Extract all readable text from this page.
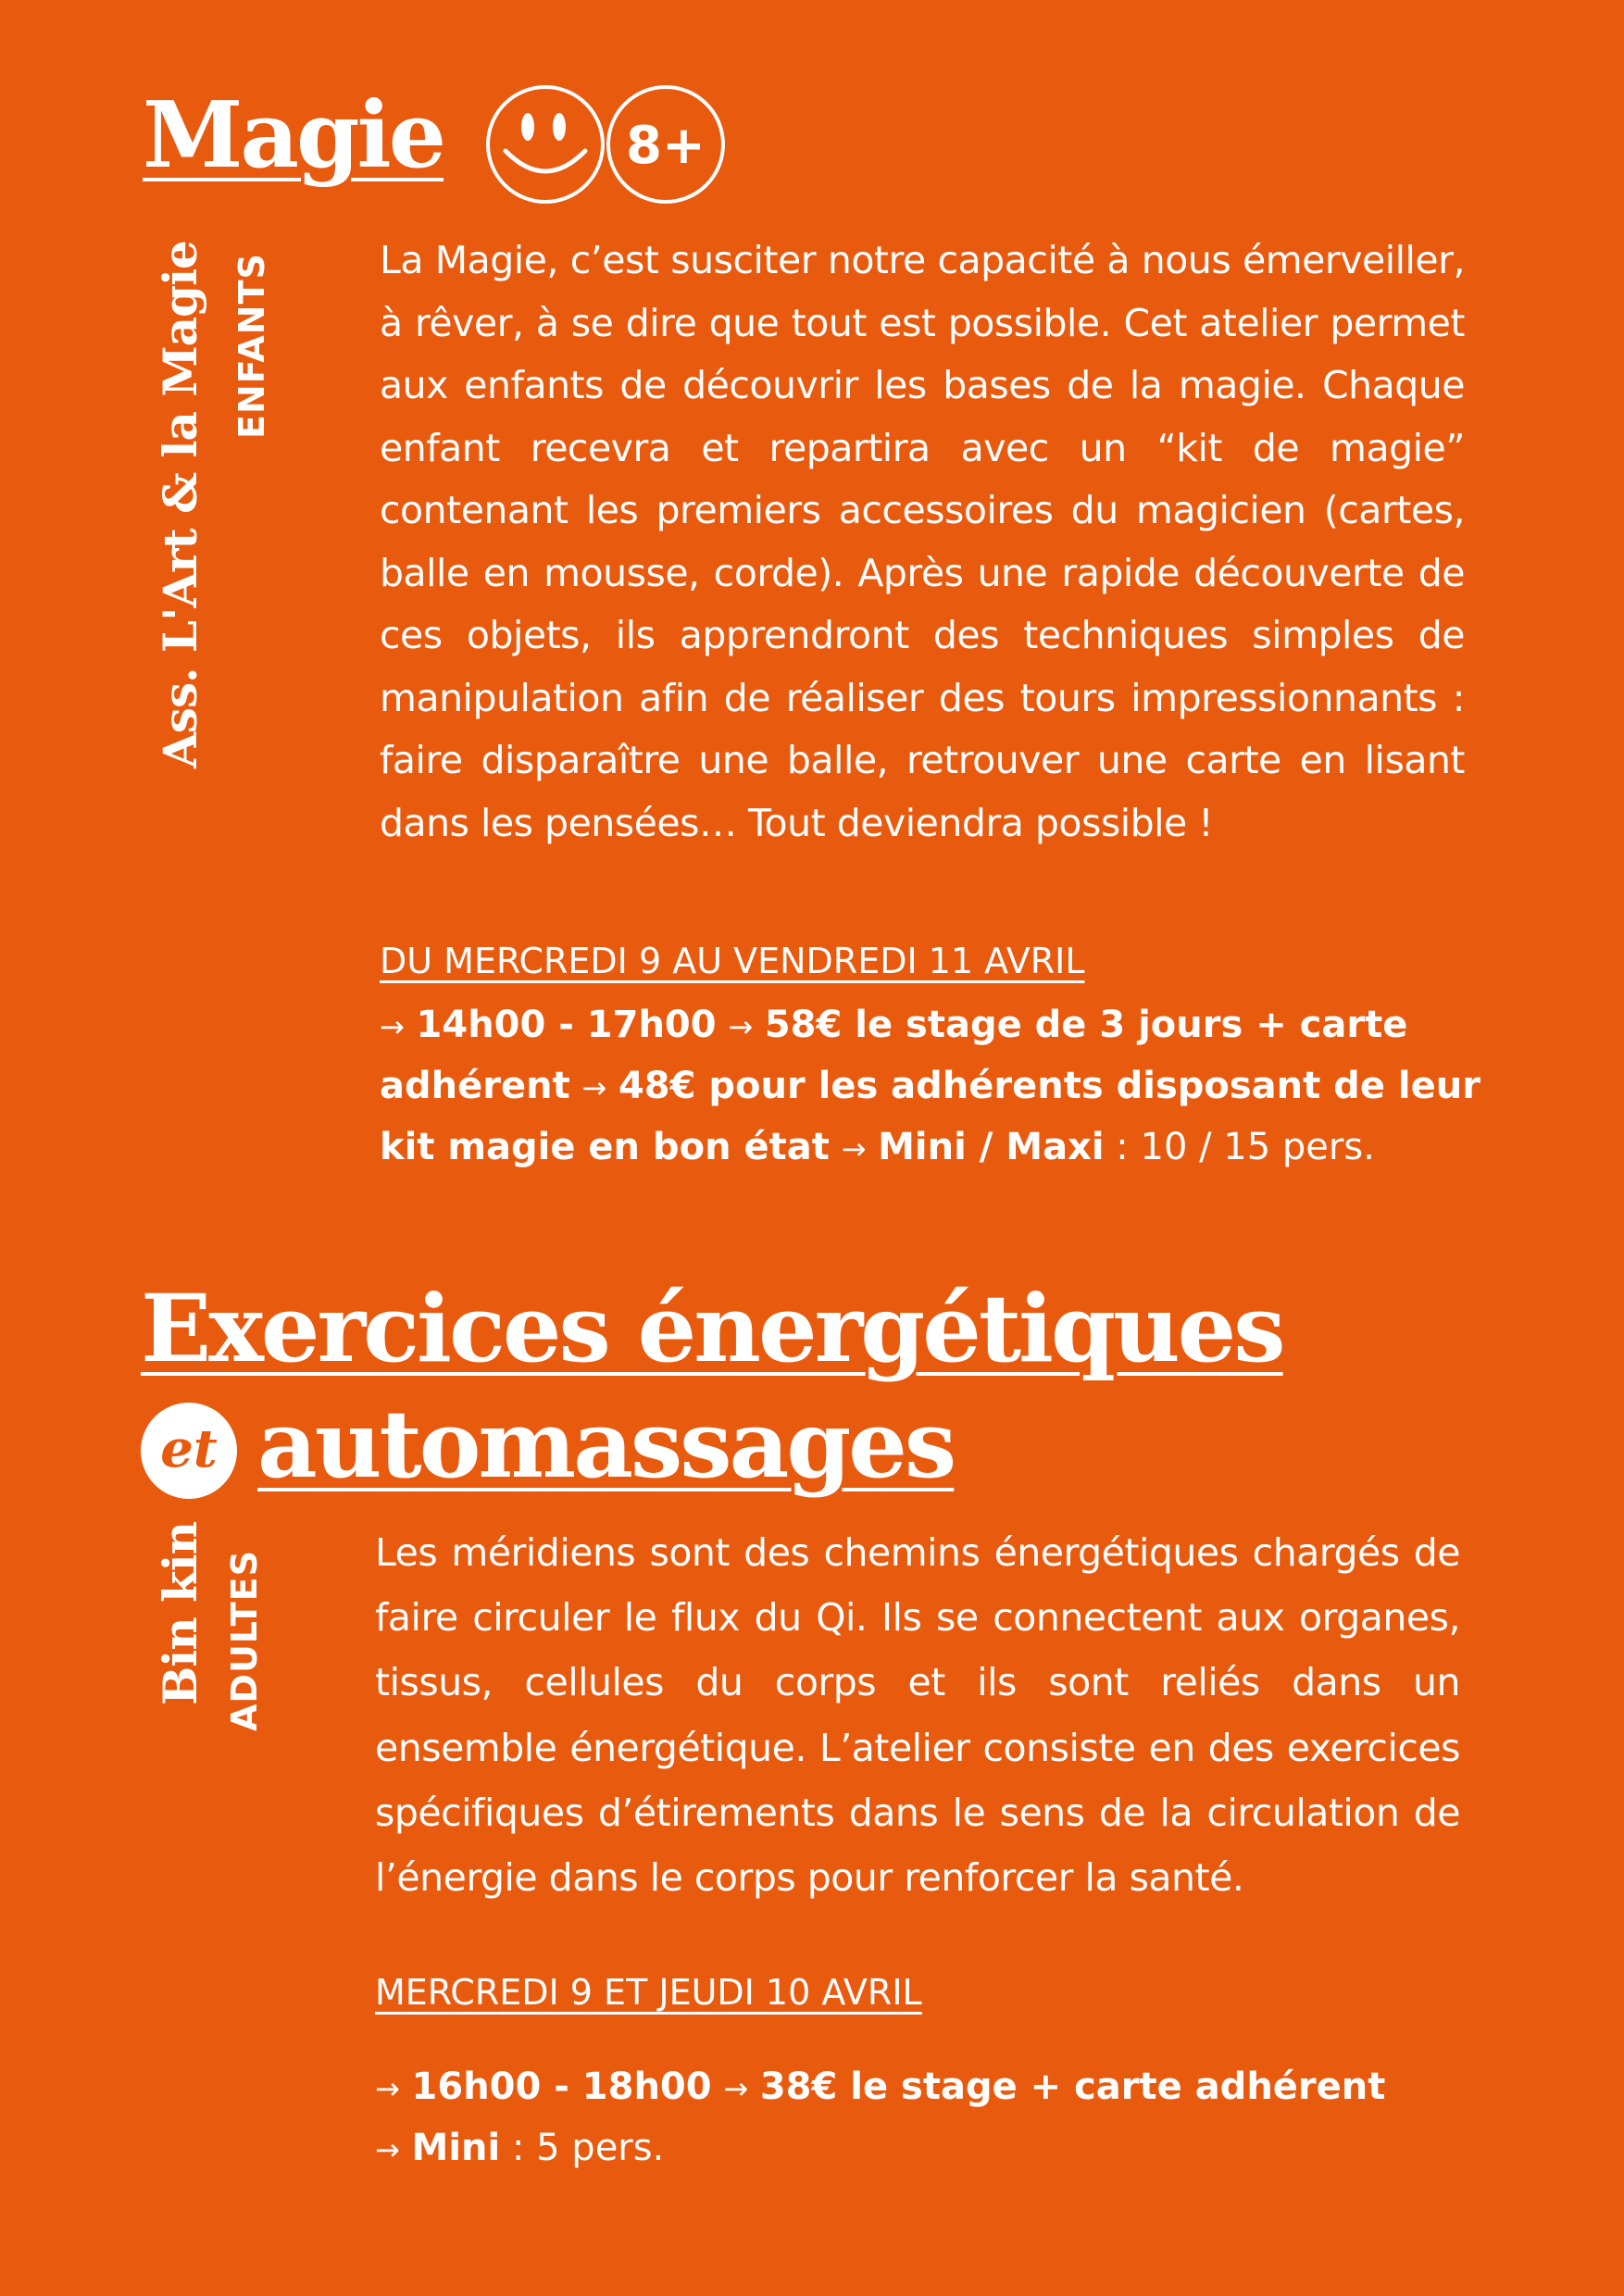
Magie	8+
Ass. L'Art & la Magie ENFANTS	La Magie, c’est susciter notre capacité à nous émerveiller, à rêver, à se dire que tout est possible. Cet atelier permet aux enfants de découvrir les bases de la magie. Chaque enfant recevra et repartira avec un “kit de magie” contenant les premiers accessoires du magicien (cartes, balle en mousse, corde). Après une rapide découverte de ces objets, ils apprendront des techniques simples de manipulation afin de réaliser des tours impressionnants : faire disparaître une balle, retrouver une carte en lisant dans les pensées… Tout deviendra possible !
DU MERCREDI 9 AU VENDREDI 11 AVRIL
→ 14h00 - 17h00 → 58€ le stage de 3 jours + carte adhérent → 48€ pour les adhérents disposant de leur kit magie en bon état → Mini / Maxi : 10 / 15 pers.
Exercices énergétiques
et automassages
Bin kin ADULTES	Les méridiens sont des chemins énergétiques chargés de faire circuler le flux du Qi. Ils se connectent aux organes, tissus, cellules du corps et ils sont reliés dans un ensemble énergétique. L’atelier consiste en des exercices spécifiques d’étirements dans le sens de la circulation de l’énergie dans le corps pour renforcer la santé.
MERCREDI 9 ET JEUDI 10 AVRIL
→ 16h00 - 18h00 → 38€ le stage + carte adhérent
→ Mini : 5 pers.
